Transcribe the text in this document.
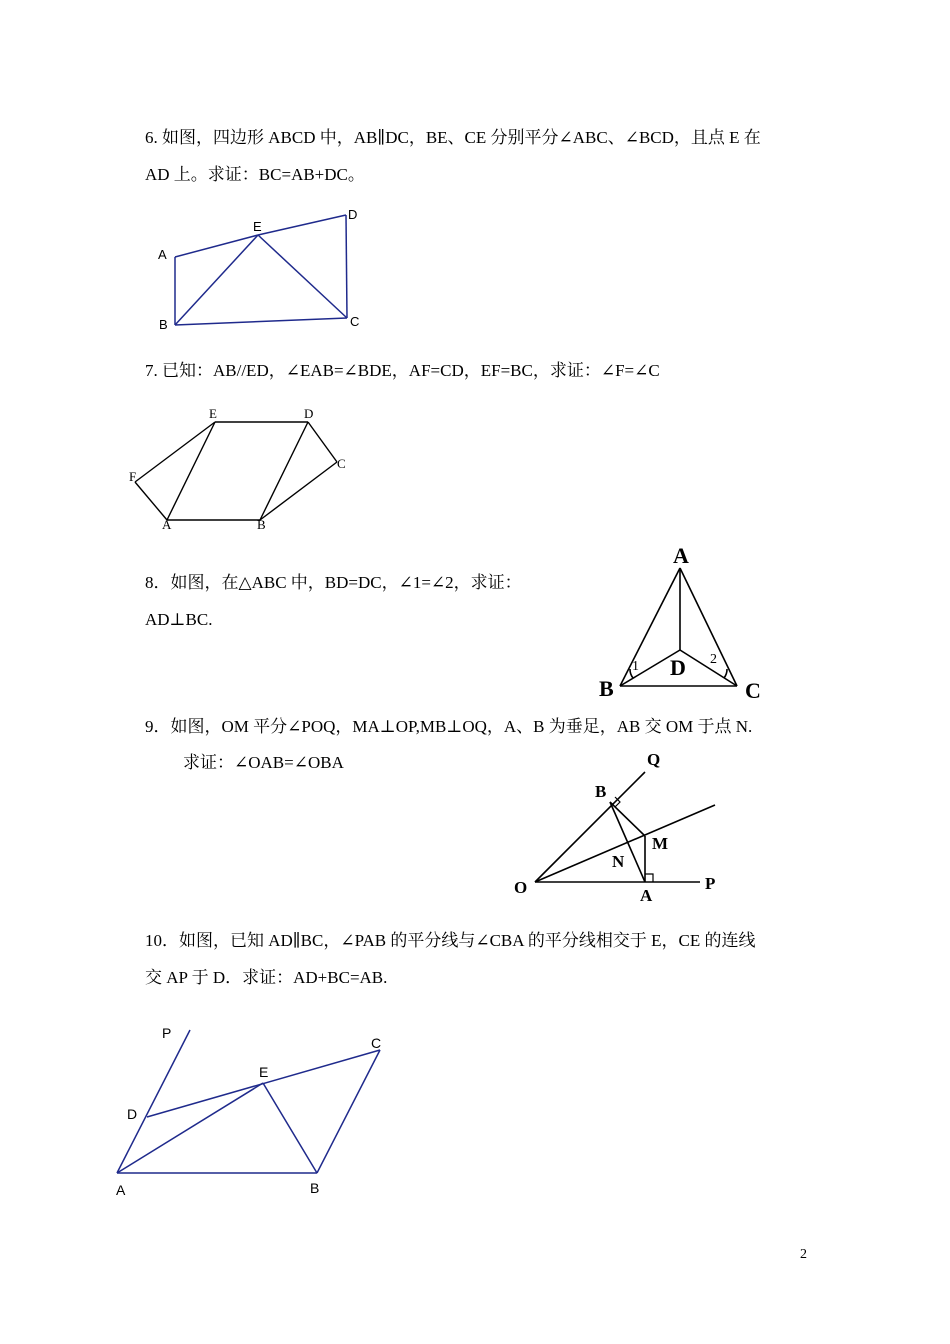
6. 如图，四边形 ABCD 中，AB∥DC，BE、CE 分别平分∠ABC、∠BCD，且点 E 在
AD 上。求证：BC=AB+DC。
A
B	C
D
E
7. 已知：AB//ED，∠EAB=∠BDE，AF=CD，EF=BC，求证：∠F=∠C
E	D
F
C
A	B
8．如图，在△ABC 中，BD=DC，∠1=∠2，求证：
AD⊥BC.
A
B	C
D
1	2
9．如图，OM 平分∠POQ，MA⊥OP,MB⊥OQ，A、B 为垂足，AB 交 OM 于点 N.
求证：∠OAB=∠OBA	Q
B
M
N
O	A
P
10．如图，已知 AD∥BC，∠PAB 的平分线与∠CBA 的平分线相交于 E，CE 的连线
交 AP 于 D．求证：AD+BC=AB.
P
C
E
D
A	B
2
